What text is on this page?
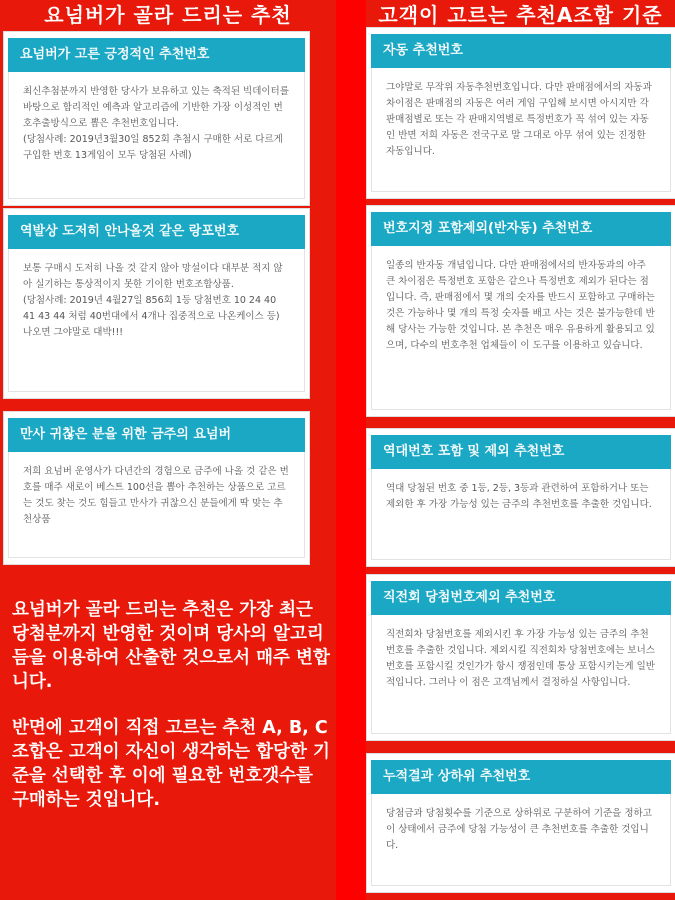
요넘버가 골라 드리는 추천	고객이 고르는 추천A조합 기준
요넘버가 고른 긍정적인 추천번호
최신추첨분까지 반영한 당사가 보유하고 있는 축적된 빅데이터를 바탕으로 합리적인 예측과 알고리즘에 기반한 가장 이성적인 번호추출방식으로 뽑은 추천번호입니다.
(당첨사례: 2019년3월30일 852회 추첨시 구매한 서로 다르게 구입한 번호 13게임이 모두 당첨된 사례)
역발상 도저히 안나올것 같은 랑포번호
보통 구매시 도저히 나올 것 같지 않아 망설이다 대부분 적지 않아 실기하는 통상적이지 못한 기이한 번호조합상품.
(당첨사례: 2019년 4월27일 856회 1등 당첨번호 10 24 40 41 43 44 처럼 40번대에서 4개나 집중적으로 나온케이스 등)
나오면 그야말로 대박!!!
만사 귀찮은 분을 위한 금주의 요넘버
저희 요넘버 운영사가 다년간의 경험으로 금주에 나올 것 같은 번호를 매주 새로이 베스트 100선을 뽑아 추천하는 상품으로 고르는 것도 찾는 것도 힘들고 만사가 귀찮으신 분들에게 딱 맞는 추천상품
자동 추천번호
그야말로 무작위 자동추천번호입니다. 다만 판매점에서의 자동과 차이점은 판매점의 자동은 여러 게임 구입해 보시면 아시지만 각 판매점별로 또는 각 판매지역별로 특정번호가 꼭 섞여 있는 자동인 반면 저희 자동은 전국구로 말 그대로 아무 섞여 있는 진정한 자동입니다.
번호지정 포함제외(반자동) 추천번호
일종의 반자동 개념입니다. 다만 판매점에서의 반자동과의 아주 큰 차이점은 특정번호 포함은 같으나 특정번호 제외가 된다는 점입니다. 즉, 판매점에서 몇 개의 숫자를 반드시 포함하고 구매하는 것은 가능하나 몇 개의 특정 숫자를 배고 사는 것은 불가능한데 반해 당사는 가능한 것입니다. 본 추천은 매우 유용하게 활용되고 있으며, 다수의 번호추천 업체들이 이 도구를 이용하고 있습니다.
역대번호 포함 및 제외 추천번호
역대 당첨된 번호 중 1등, 2등, 3등과 관련하여 포함하거나 또는 제외한 후 가장 가능성 있는 금주의 추천번호를 추출한 것입니다.
직전회 당첨번호제외 추천번호
직전회차 당첨번호를 제외시킨 후 가장 가능성 있는 금주의 추천번호를 추출한 것입니다. 제외시킬 직전회차 당첨번호에는 보너스번호를 포함시킬 것인가가 항시 쟁점인데 통상 포함시키는게 일반적입니다. 그러나 이 점은 고객님께서 결정하실 사항입니다.
누적결과 상하위 추천번호
당첨금과 당첨횟수를 기준으로 상하위로 구분하여 기준을 정하고 이 상태에서 금주에 당첨 가능성이 큰 추천번호를 추출한 것입니다.

요넘버가 골라 드리는 추천은 가장 최근 당첨분까지 반영한 것이며 당사의 알고리듬을 이용하여 산출한 것으로서 매주 변합니다.

반면에 고객이 직접 고르는 추천 A, B, C조합은 고객이 자신이 생각하는 합당한 기준을 선택한 후 이에 필요한 번호갯수를 구매하는 것입니다.
